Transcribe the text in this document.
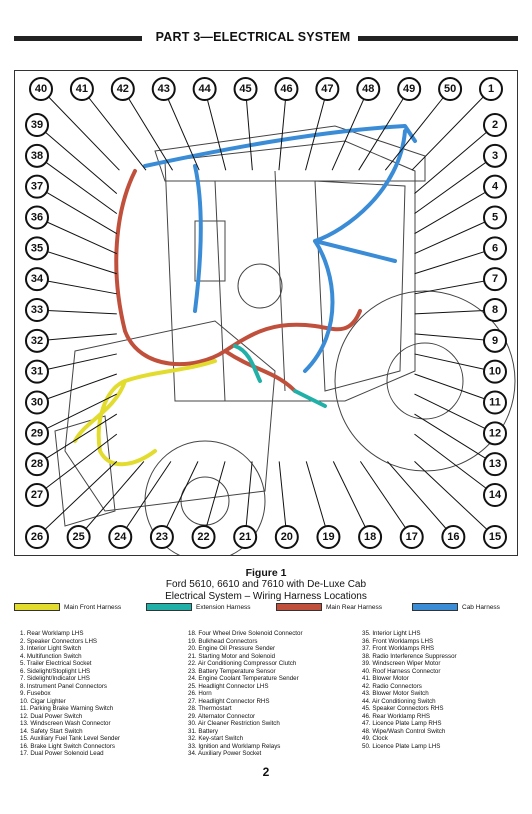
PART 3—ELECTRICAL SYSTEM
40	41	42	43	44	45	46	47	48	49	50	1
39
38
37
36
35
34
33
32
31
30
29
28
27
2
3
4
5
6
7
8
9
10
11
12
13
14
26	25	24	23	22	21	20	19	18	17	16	15
Figure 1
Ford 5610, 6610 and 7610 with De-Luxe Cab
Electrical System – Wiring Harness Locations
Main Front Harness	Extension Harness	Main Rear Harness	Cab Harness
1. Rear Worklamp LHS
2. Speaker Connectors LHS
3. Interior Light Switch
4. Multifunction Switch
5. Trailer Electrical Socket
6. Sidelight/Stoplight LHS
7. Sidelight/Indicator LHS
8. Instrument Panel Connectors
9. Fusebox
10. Cigar Lighter
11. Parking Brake Warning Switch
12. Dual Power Switch
13. Windscreen Wash Connector
14. Safety Start Switch
15. Auxiliary Fuel Tank Level Sender
16. Brake Light Switch Connectors
17. Dual Power Solenoid Lead
18. Four Wheel Drive Solenoid Connector
19. Bulkhead Connectors
20. Engine Oil Pressure Sender
21. Starting Motor and Solenoid
22. Air Conditioning Compressor Clutch
23. Battery Temperature Sensor
24. Engine Coolant Temperature Sender
25. Headlight Connector LHS
26. Horn
27. Headlight Connector RHS
28. Thermostart
29. Alternator Connector
30. Air Cleaner Restriction Switch
31. Battery
32. Key-start Switch
33. Ignition and Worklamp Relays
34. Auxiliary Power Socket
35. Interior Light LHS
36. Front Worklamps LHS
37. Front Worklamps RHS
38. Radio Interference Suppressor
39. Windscreen Wiper Motor
40. Roof Harness Connector
41. Blower Motor
42. Radio Connectors
43. Blower Motor Switch
44. Air Conditioning Switch
45. Speaker Connectors RHS
46. Rear Worklamp RHS
47. Licence Plate Lamp RHS
48. Wipe/Wash Control Switch
49. Clock
50. Licence Plate Lamp LHS
2
